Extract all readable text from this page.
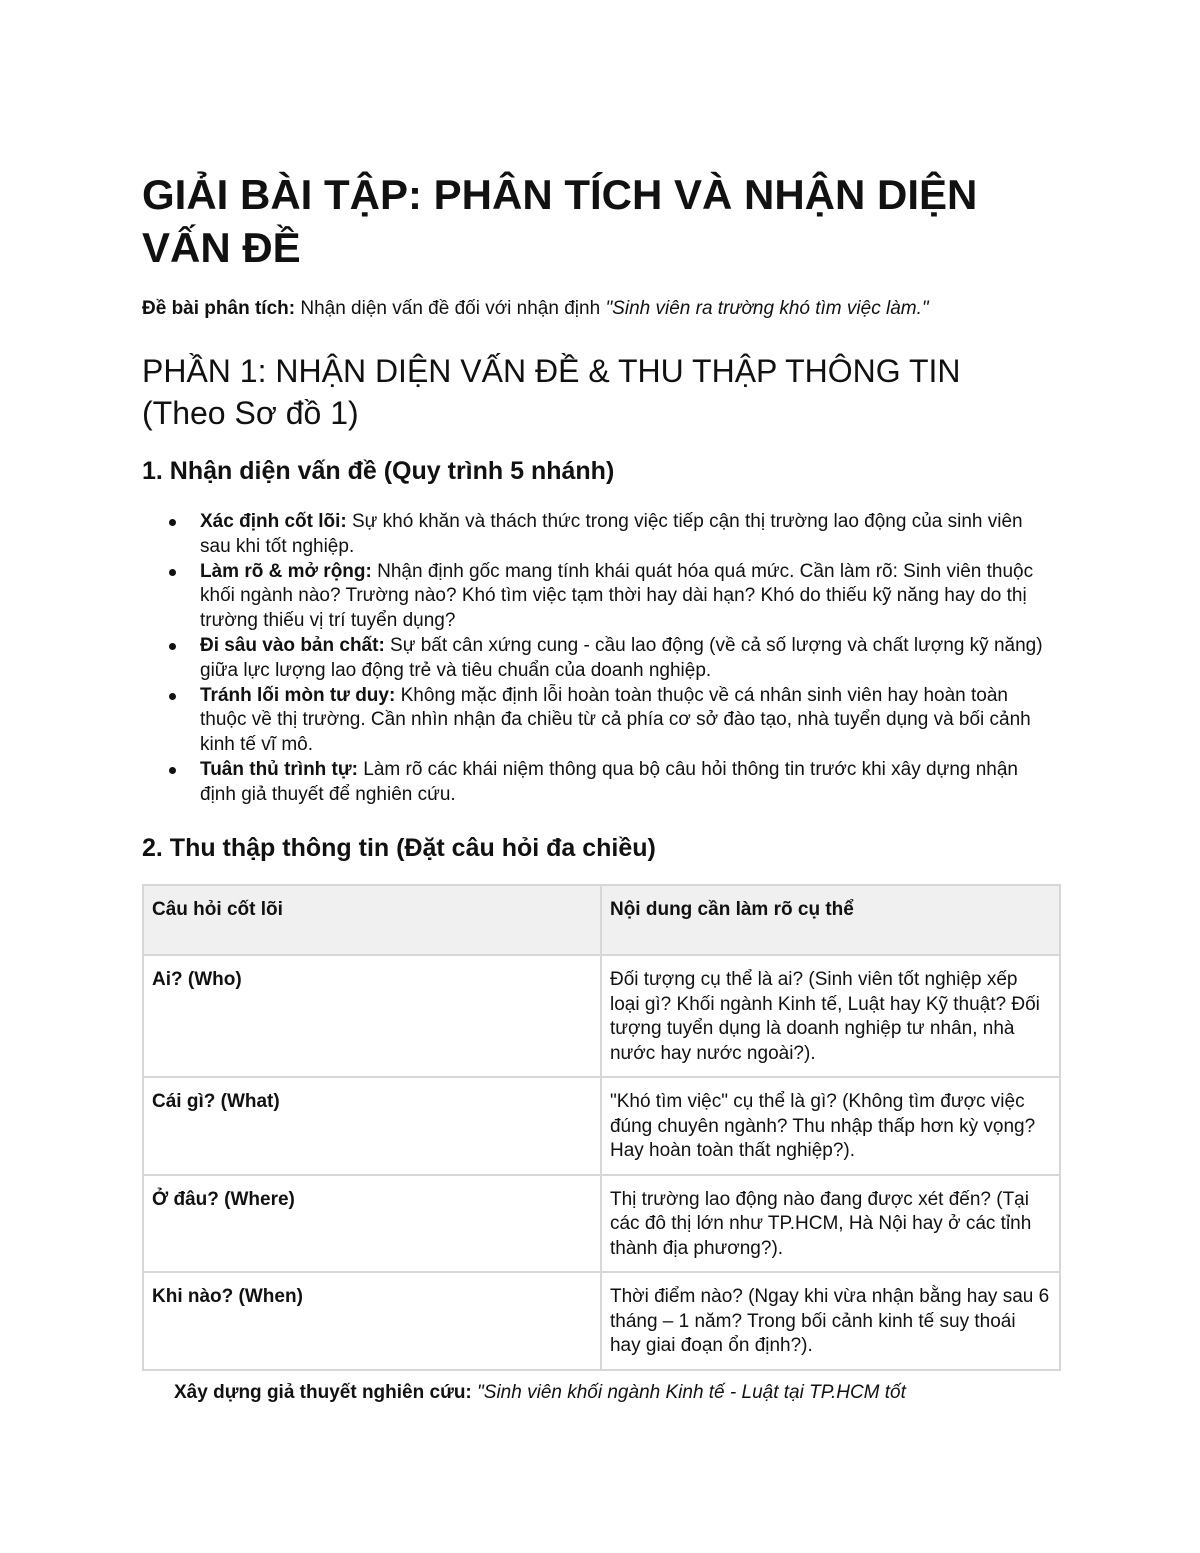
GIẢI BÀI TẬP: PHÂN TÍCH VÀ NHẬN DIỆN VẤN ĐỀ

Đề bài phân tích: Nhận diện vấn đề đối với nhận định "Sinh viên ra trường khó tìm việc làm."

PHẦN 1: NHẬN DIỆN VẤN ĐỀ & THU THẬP THÔNG TIN (Theo Sơ đồ 1)
1. Nhận diện vấn đề (Quy trình 5 nhánh)
Xác định cốt lõi: Sự khó khăn và thách thức trong việc tiếp cận thị trường lao động của sinh viên sau khi tốt nghiệp.
Làm rõ & mở rộng: Nhận định gốc mang tính khái quát hóa quá mức. Cần làm rõ: Sinh viên thuộc khối ngành nào? Trường nào? Khó tìm việc tạm thời hay dài hạn? Khó do thiếu kỹ năng hay do thị trường thiếu vị trí tuyển dụng?
Đi sâu vào bản chất: Sự bất cân xứng cung - cầu lao động (về cả số lượng và chất lượng kỹ năng) giữa lực lượng lao động trẻ và tiêu chuẩn của doanh nghiệp.
Tránh lối mòn tư duy: Không mặc định lỗi hoàn toàn thuộc về cá nhân sinh viên hay hoàn toàn thuộc về thị trường. Cần nhìn nhận đa chiều từ cả phía cơ sở đào tạo, nhà tuyển dụng và bối cảnh kinh tế vĩ mô.
Tuân thủ trình tự: Làm rõ các khái niệm thông qua bộ câu hỏi thông tin trước khi xây dựng nhận định giả thuyết để nghiên cứu.
2. Thu thập thông tin (Đặt câu hỏi đa chiều)
Câu hỏi cốt lõi	Nội dung cần làm rõ cụ thể
Ai? (Who)	Đối tượng cụ thể là ai? (Sinh viên tốt nghiệp xếp loại gì? Khối ngành Kinh tế, Luật hay Kỹ thuật? Đối tượng tuyển dụng là doanh nghiệp tư nhân, nhà nước hay nước ngoài?).
Cái gì? (What)	"Khó tìm việc" cụ thể là gì? (Không tìm được việc đúng chuyên ngành? Thu nhập thấp hơn kỳ vọng? Hay hoàn toàn thất nghiệp?).
Ở đâu? (Where)	Thị trường lao động nào đang được xét đến? (Tại các đô thị lớn như TP.HCM, Hà Nội hay ở các tỉnh thành địa phương?).
Khi nào? (When)	Thời điểm nào? (Ngay khi vừa nhận bằng hay sau 6 tháng – 1 năm? Trong bối cảnh kinh tế suy thoái hay giai đoạn ổn định?).

Xây dựng giả thuyết nghiên cứu: "Sinh viên khối ngành Kinh tế - Luật tại TP.HCM tốt
